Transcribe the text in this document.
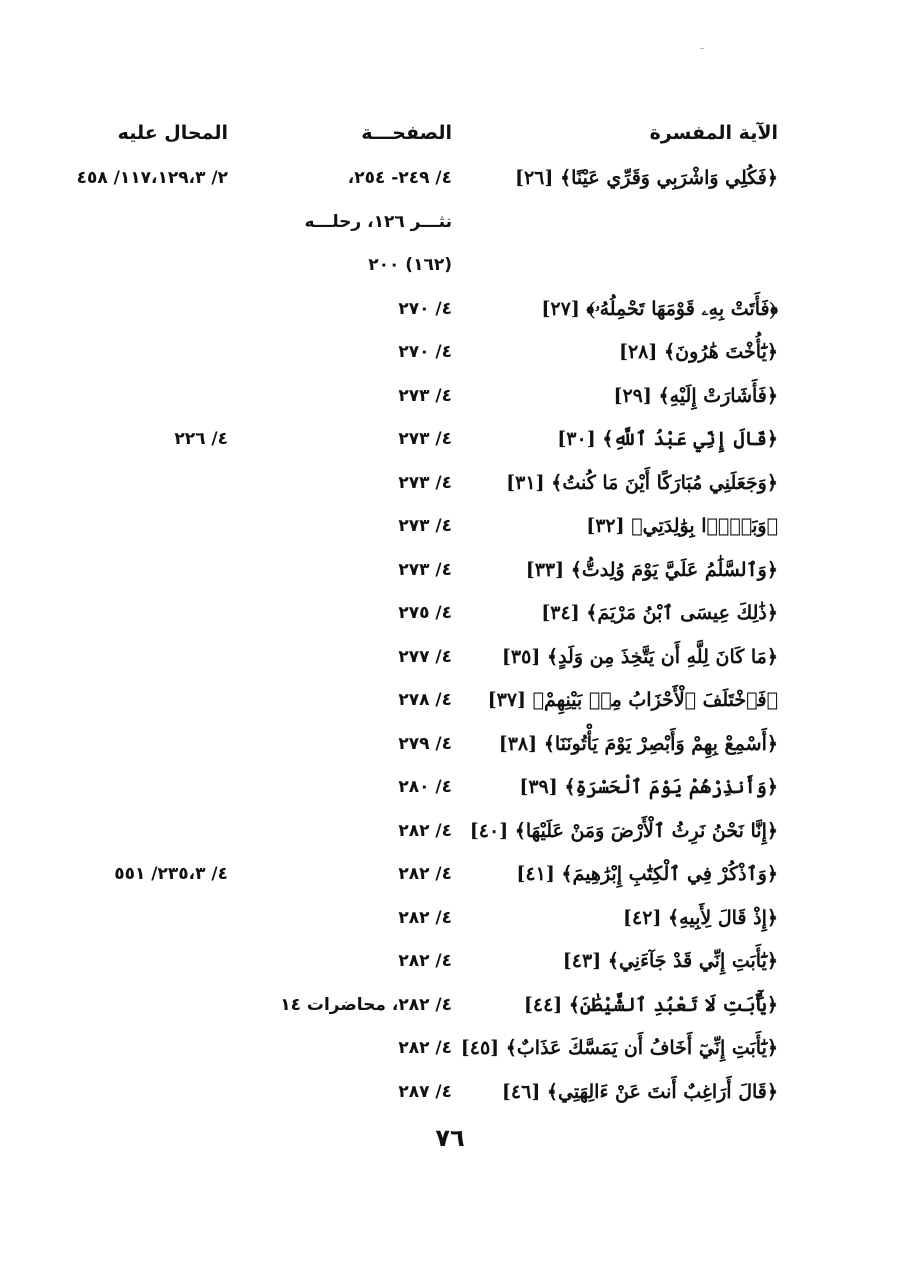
الآية المفسرة
الصفحـــة
المحال عليه
﴿فَكُلِي وَاشْرَبِي وَقَرِّي عَيْنًا﴾ [٢٦]
٤/ ٢٤٩- ٢٥٤،
٢/ ١١٧،١٢٩،٣/ ٤٥٨
نثـــر ١٢٦، رحلـــه
(١٦٢) ٢٠٠
﴿فَأَتَتْ بِهِۦ قَوْمَهَا تَحْمِلُهُۥ﴾ [٢٧]
٤/ ٢٧٠
﴿يَٰٓأُخْتَ هَٰرُونَ﴾ [٢٨]
٤/ ٢٧٠
﴿فَأَشَارَتْ إِلَيْهِ﴾ [٢٩]
٤/ ٢٧٣
﴿قَالَ إِنِّي عَبْدُ ٱللَّهِ﴾ [٣٠]
٤/ ٢٧٣
٤/ ٢٢٦
﴿وَجَعَلَنِي مُبَارَكًا أَيْنَ مَا كُنتُ﴾ [٣١]
٤/ ٢٧٣
﴿وَبَرًّۢا بِوَٰلِدَتِي﴾ [٣٢]
٤/ ٢٧٣
﴿وَٱلسَّلَٰمُ عَلَيَّ يَوْمَ وُلِدتُّ﴾ [٣٣]
٤/ ٢٧٣
﴿ذَٰلِكَ عِيسَى ٱبْنُ مَرْيَمَ﴾ [٣٤]
٤/ ٢٧٥
﴿مَا كَانَ لِلَّهِ أَن يَتَّخِذَ مِن وَلَدٍ﴾ [٣٥]
٤/ ٢٧٧
﴿فَٱخْتَلَفَ ٱلْأَحْزَابُ مِنۢ بَيْنِهِمْ﴾ [٣٧]
٤/ ٢٧٨
﴿أَسْمِعْ بِهِمْ وَأَبْصِرْ يَوْمَ يَأْتُونَنَا﴾ [٣٨]
٤/ ٢٧٩
﴿وَأَنذِرْهُمْ يَوْمَ ٱلْحَسْرَةِ﴾ [٣٩]
٤/ ٢٨٠
﴿إِنَّا نَحْنُ نَرِثُ ٱلْأَرْضَ وَمَنْ عَلَيْهَا﴾ [٤٠]
٤/ ٢٨٢
﴿وَٱذْكُرْ فِي ٱلْكِتَٰبِ إِبْرَٰهِيمَ﴾ [٤١]
٤/ ٢٨٢
٤/ ٢٣٥،٣/ ٥٥١
﴿إِذْ قَالَ لِأَبِيهِ﴾ [٤٢]
٤/ ٢٨٢
﴿يَٰٓأَبَتِ إِنِّي قَدْ جَآءَنِي﴾ [٤٣]
٤/ ٢٨٢
﴿يَٰٓأَبَتِ لَا تَعْبُدِ ٱلشَّيْطَٰنَ﴾ [٤٤]
٤/ ٢٨٢، محاضرات ١٤
﴿يَٰٓأَبَتِ إِنِّيٓ أَخَافُ أَن يَمَسَّكَ عَذَابٌ﴾ [٤٥]
٤/ ٢٨٢
﴿قَالَ أَرَاغِبٌ أَنتَ عَنْ ءَالِهَتِي﴾ [٤٦]
٤/ ٢٨٧
٧٦
